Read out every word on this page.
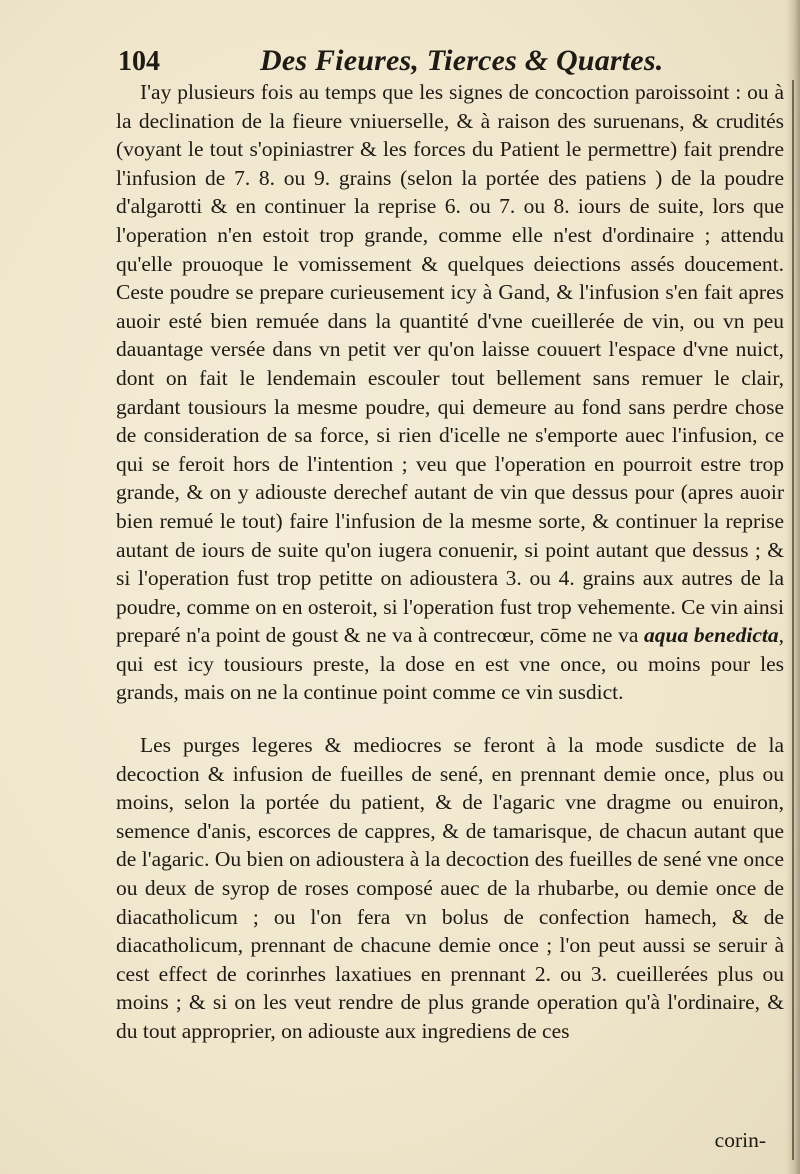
104	Des Fieures, Tierces & Quartes.

I'ay plusieurs fois au temps que les signes de concoction paroissoint : ou à la declination de la fieure vniuerselle, & à raison des suruenans, & crudités (voyant le tout s'opiniastrer & les forces du Patient le permettre) fait prendre l'infusion de 7. 8. ou 9. grains (selon la portée des patiens ) de la poudre d'algarotti & en continuer la reprise 6. ou 7. ou 8. iours de suite, lors que l'operation n'en estoit trop grande, comme elle n'est d'ordinaire ; attendu qu'elle prouoque le vomissement & quelques deiections assés doucement. Ceste poudre se prepare curieusement icy à Gand, & l'infusion s'en fait apres auoir esté bien remuée dans la quantité d'vne cueillerée de vin, ou vn peu dauantage versée dans vn petit ver qu'on laisse couuert l'espace d'vne nuict, dont on fait le lendemain escouler tout bellement sans remuer le clair, gardant tousiours la mesme poudre, qui demeure au fond sans perdre chose de consideration de sa force, si rien d'icelle ne s'emporte auec l'infusion, ce qui se feroit hors de l'intention ; veu que l'operation en pourroit estre trop grande, & on y adiouste derechef autant de vin que dessus pour (apres auoir bien remué le tout) faire l'infusion de la mesme sorte, & continuer la reprise autant de iours de suite qu'on iugera conuenir, si point autant que dessus ; & si l'operation fust trop petitte on adioustera 3. ou 4. grains aux autres de la poudre, comme on en osteroit, si l'operation fust trop vehemente. Ce vin ainsi preparé n'a point de goust & ne va à contrecœur, cōme ne va aqua benedicta, qui est icy tousiours preste, la dose en est vne once, ou moins pour les grands, mais on ne la continue point comme ce vin susdict.

Les purges legeres & mediocres se feront à la mode susdicte de la decoction & infusion de fueilles de sené, en prennant demie once, plus ou moins, selon la portée du patient, & de l'agaric vne dragme ou enuiron, semence d'anis, escorces de cappres, & de tamarisque, de chacun autant que de l'agaric. Ou bien on adioustera à la decoction des fueilles de sené vne once ou deux de syrop de roses composé auec de la rhubarbe, ou demie once de diacatholicum ; ou l'on fera vn bolus de confection hamech, & de diacatholicum, prennant de chacune demie once ; l'on peut aussi se seruir à cest effect de corinrhes laxatiues en prennant 2. ou 3. cueillerées plus ou moins ; & si on les veut rendre de plus grande operation qu'à l'ordinaire, & du tout approprier, on adiouste aux ingrediens de ces

corin-
